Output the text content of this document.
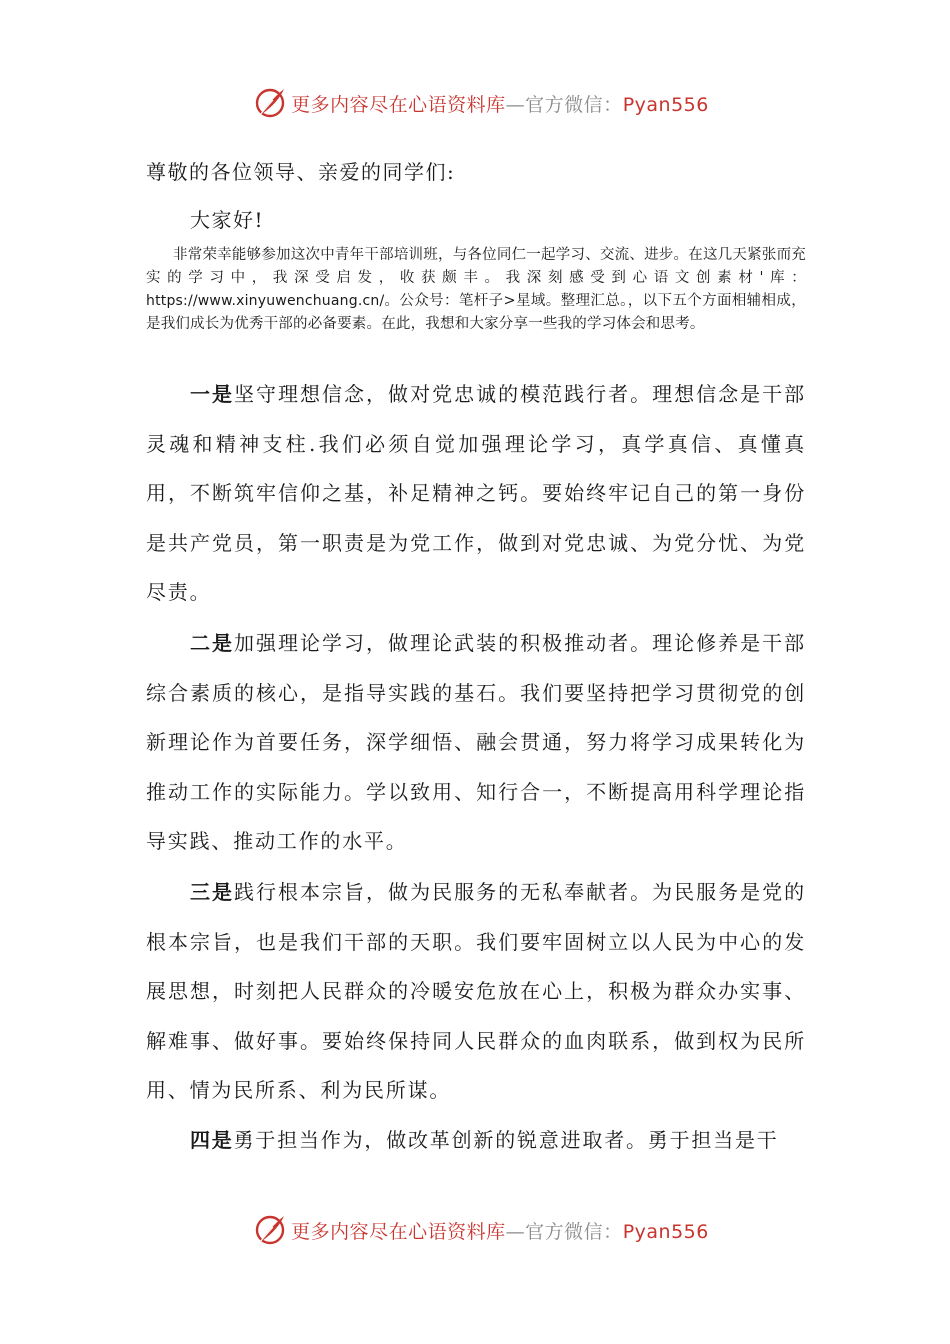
更多内容尽在心语资料库—官方微信：Pyan556
尊敬的各位领导、亲爱的同学们:
大家好!
非常荣幸能够参加这次中青年干部培训班，与各位同仁一起学习、交流、进步。在这几天紧张而充实的学习中，我深受启发，收获颇丰。我深刻感受到心语文创素材'库：https://www.xinyuwenchuang.cn/。公众号：笔杆子>星域。整理汇总。，以下五个方面相辅相成，是我们成长为优秀干部的必备要素。在此，我想和大家分享一些我的学习体会和思考。
一是坚守理想信念，做对党忠诚的模范践行者。理想信念是干部灵魂和精神支柱.我们必须自觉加强理论学习，真学真信、真懂真用，不断筑牢信仰之基，补足精神之钙。要始终牢记自己的第一身份是共产党员，第一职责是为党工作，做到对党忠诚、为党分忧、为党尽责。
二是加强理论学习，做理论武装的积极推动者。理论修养是干部综合素质的核心，是指导实践的基石。我们要坚持把学习贯彻党的创新理论作为首要任务，深学细悟、融会贯通，努力将学习成果转化为推动工作的实际能力。学以致用、知行合一，不断提高用科学理论指导实践、推动工作的水平。
三是践行根本宗旨，做为民服务的无私奉献者。为民服务是党的根本宗旨，也是我们干部的天职。我们要牢固树立以人民为中心的发展思想，时刻把人民群众的冷暖安危放在心上，积极为群众办实事、解难事、做好事。要始终保持同人民群众的血肉联系，做到权为民所用、情为民所系、利为民所谋。
四是勇于担当作为，做改革创新的锐意进取者。勇于担当是干
更多内容尽在心语资料库—官方微信：Pyan556
